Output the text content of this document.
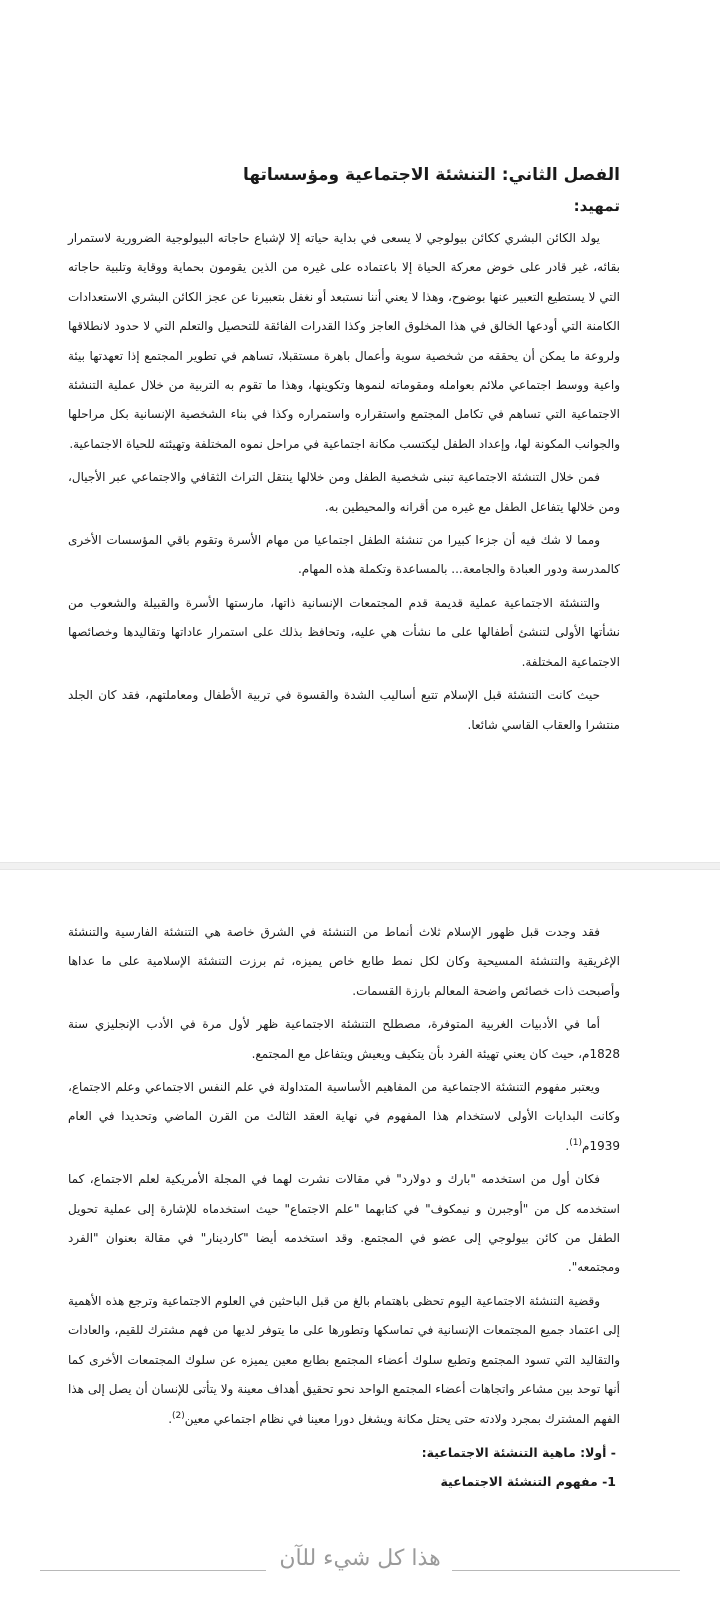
الفصل الثاني: التنشئة الاجتماعية ومؤسساتها
تمهيد:

يولد الكائن البشري ككائن بيولوجي لا يسعى في بداية حياته إلا لإشباع حاجاته البيولوجية الضرورية لاستمرار بقائه، غير قادر على خوض معركة الحياة إلا باعتماده على غيره من الذين يقومون بحماية ووقاية وتلبية حاجاته التي لا يستطيع التعبير عنها بوضوح، وهذا لا يعني أننا نستبعد أو نغفل بتعبيرنا عن عجز الكائن البشري الاستعدادات الكامنة التي أودعها الخالق في هذا المخلوق العاجز وكذا القدرات الفائقة للتحصيل والتعلم التي لا حدود لانطلاقها ولروعة ما يمكن أن يحققه من شخصية سوية وأعمال باهرة مستقبلا، تساهم في تطوير المجتمع إذا تعهدتها بيئة واعية ووسط اجتماعي ملائم بعوامله ومقوماته لنموها وتكوينها، وهذا ما تقوم به التربية من خلال عملية التنشئة الاجتماعية التي تساهم في تكامل المجتمع واستقراره واستمراره وكذا في بناء الشخصية الإنسانية بكل مراحلها والجوانب المكونة لها، وإعداد الطفل ليكتسب مكانة اجتماعية في مراحل نموه المختلفة وتهيئته للحياة الاجتماعية.

فمن خلال التنشئة الاجتماعية تبنى شخصية الطفل ومن خلالها ينتقل التراث الثقافي والاجتماعي عبر الأجيال، ومن خلالها يتفاعل الطفل مع غيره من أقرانه والمحيطين به.

ومما لا شك فيه أن جزءا كبيرا من تنشئة الطفل اجتماعيا من مهام الأسرة وتقوم باقي المؤسسات الأخرى كالمدرسة ودور العبادة والجامعة... بالمساعدة وتكملة هذه المهام.

والتنشئة الاجتماعية عملية قديمة قدم المجتمعات الإنسانية ذاتها، مارستها الأسرة والقبيلة والشعوب من نشأتها الأولى لتنشئ أطفالها على ما نشأت هي عليه، وتحافظ بذلك على استمرار عاداتها وتقاليدها وخصائصها الاجتماعية المختلفة.

حيث كانت التنشئة قبل الإسلام تتبع أساليب الشدة والقسوة في تربية الأطفال ومعاملتهم، فقد كان الجلد منتشرا والعقاب القاسي شائعا.

فقد وجدت قبل ظهور الإسلام ثلاث أنماط من التنشئة في الشرق خاصة هي التنشئة الفارسية والتنشئة الإغريقية والتنشئة المسيحية وكان لكل نمط طابع خاص يميزه، ثم برزت التنشئة الإسلامية على ما عداها وأصبحت ذات خصائص واضحة المعالم بارزة القسمات.

أما في الأدبيات الغربية المتوفرة، مصطلح التنشئة الاجتماعية ظهر لأول مرة في الأدب الإنجليزي سنة 1828م، حيث كان يعني تهيئة الفرد بأن يتكيف ويعيش ويتفاعل مع المجتمع.

ويعتبر مفهوم التنشئة الاجتماعية من المفاهيم الأساسية المتداولة في علم النفس الاجتماعي وعلم الاجتماع، وكانت البدايات الأولى لاستخدام هذا المفهوم في نهاية العقد الثالث من القرن الماضي وتحديدا في العام 1939م$^{(1)}$.

فكان أول من استخدمه "بارك و دولارد" في مقالات نشرت لهما في المجلة الأمريكية لعلم الاجتماع، كما استخدمه كل من "أوجبرن و نيمكوف" في كتابهما "علم الاجتماع" حيث استخدماه للإشارة إلى عملية تحويل الطفل من كائن بيولوجي إلى عضو في المجتمع. وقد استخدمه أيضا "كاردينار" في مقالة بعنوان "الفرد ومجتمعه".

وقضية التنشئة الاجتماعية اليوم تحظى باهتمام بالغ من قبل الباحثين في العلوم الاجتماعية وترجع هذه الأهمية إلى اعتماد جميع المجتمعات الإنسانية في تماسكها وتطورها على ما يتوفر لديها من فهم مشترك للقيم، والعادات والتقاليد التي تسود المجتمع وتطبع سلوك أعضاء المجتمع بطابع معين يميزه عن سلوك المجتمعات الأخرى كما أنها توحد بين مشاعر واتجاهات أعضاء المجتمع الواحد نحو تحقيق أهداف معينة ولا يتأتى للإنسان أن يصل إلى هذا الفهم المشترك بمجرد ولادته حتى يحتل مكانة ويشغل دورا معينا في نظام اجتماعي معين$^{(2)}$.

- أولا: ماهية التنشئة الاجتماعية:
1- مفهوم التنشئة الاجتماعية
هذا كل شيء للآن
